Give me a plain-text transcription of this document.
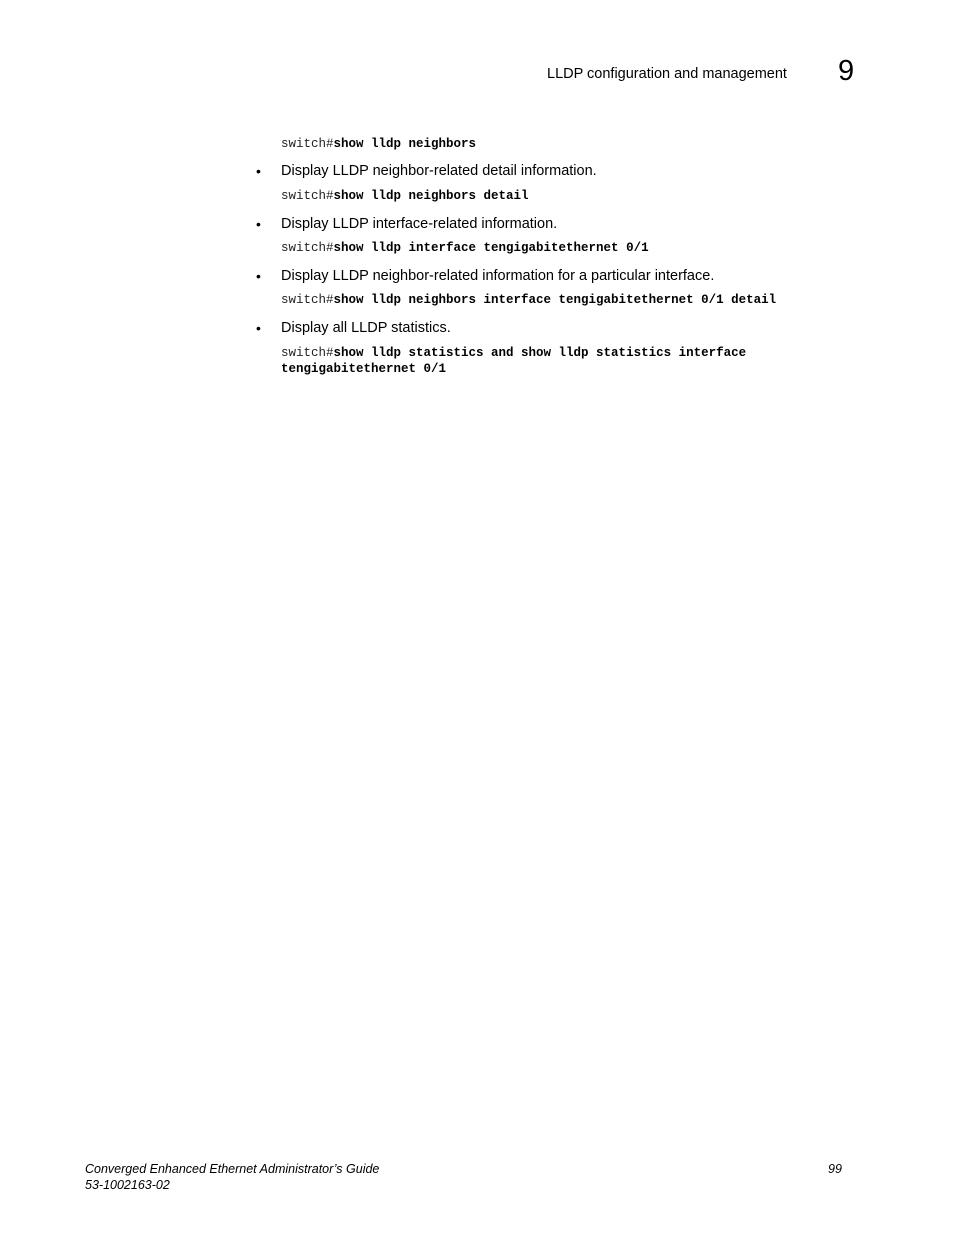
LLDP configuration and management 9
switch#show lldp neighbors
• Display LLDP neighbor-related detail information.
switch#show lldp neighbors detail
• Display LLDP interface-related information.
switch#show lldp interface tengigabitethernet 0/1
• Display LLDP neighbor-related information for a particular interface.
switch#show lldp neighbors interface tengigabitethernet 0/1 detail
• Display all LLDP statistics.
switch#show lldp statistics and show lldp statistics interface
tengigabitethernet 0/1
Converged Enhanced Ethernet Administrator’s Guide
53-1002163-02
99
